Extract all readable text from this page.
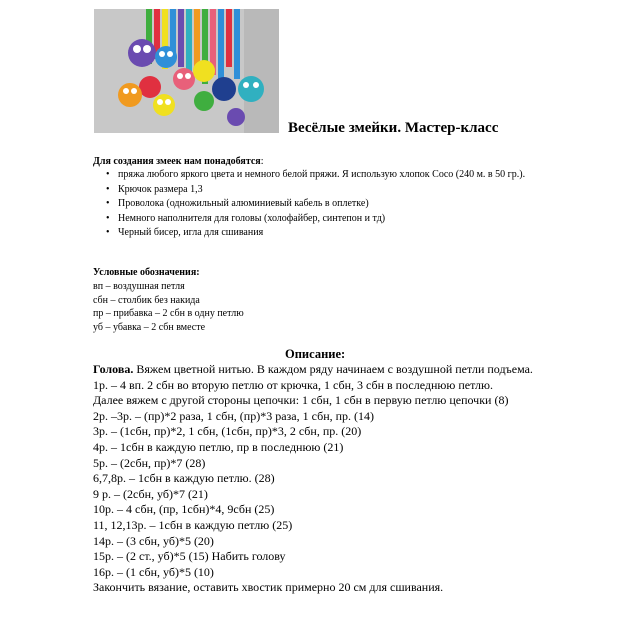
Весёлые змейки. Мастер-класс
Для создания змеек нам понадобятся:
• пряжа любого яркого цвета и немного белой пряжи. Я использую хлопок Coco (240 м. в 50 гр.).
• Крючок размера 1,3
• Проволока (одножильный алюминиевый кабель в оплетке)
• Немного наполнителя для головы (холофайбер, синтепон и тд)
• Черный бисер, игла для сшивания
Условные обозначения:
вп – воздушная петля
сбн – столбик без накида
пр – прибавка – 2 сбн в одну петлю
уб – убавка – 2 сбн вместе
Описание:

Голова. Вяжем цветной нитью. В каждом ряду начинаем с воздушной петли подъема.

1р. – 4 вп. 2 сбн во вторую петлю от крючка, 1 сбн, 3 сбн в последнюю петлю.

Далее вяжем с другой стороны цепочки: 1 сбн, 1 сбн в первую петлю цепочки (8)

2р. –3р. – (пр)*2 раза, 1 сбн, (пр)*3 раза, 1 сбн, пр. (14)

3р. – (1сбн, пр)*2, 1 сбн, (1сбн, пр)*3, 2 сбн, пр. (20)

4р. – 1сбн в каждую петлю, пр в последнюю (21)

5р. – (2сбн, пр)*7 (28)

6,7,8р. – 1сбн в каждую петлю. (28)

9 р. – (2сбн, уб)*7 (21)

10р. – 4 сбн, (пр, 1сбн)*4, 9сбн (25)

11, 12,13р. – 1сбн в каждую петлю (25)

14р. – (3 сбн, уб)*5 (20)

15р. – (2 ст., уб)*5 (15) Набить голову

16р. – (1 сбн, уб)*5 (10)

Закончить вязание, оставить хвостик примерно 20 см для сшивания.
